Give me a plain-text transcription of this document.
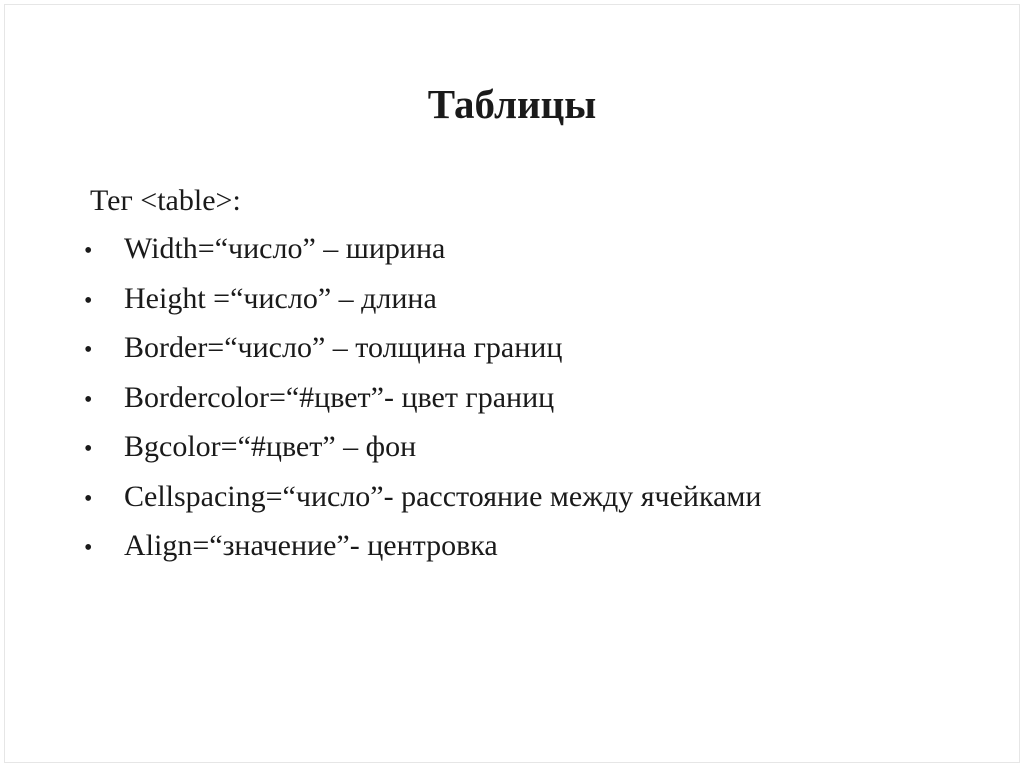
Таблицы
Тег <table>:
•	Width=“число” – ширина
•	Height =“число” – длина
•	Border=“число” – толщина границ
•	Bordercolor=“#цвет”- цвет границ
•	Bgcolor=“#цвет” – фон
•	Cellspacing=“число”- расстояние между ячейками
•	Align=“значение”- центровка
